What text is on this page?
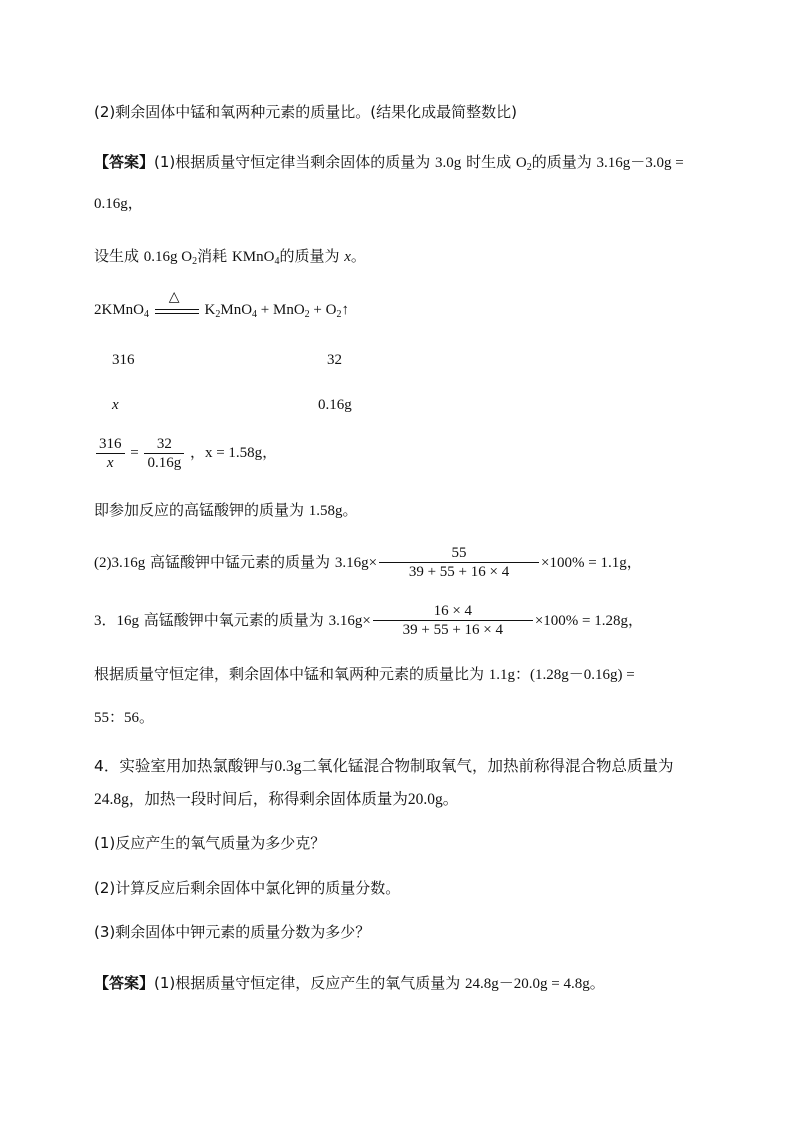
(2)剩余固体中锰和氧两种元素的质量比。(结果化成最简整数比)
【答案】(1)根据质量守恒定律当剩余固体的质量为 3.0g 时生成 $O_2$的质量为 3.16g－3.0g =
0.16g，
设生成 0.16g $O_2$消耗 KMnO$_4$的质量为 x。
2KMnO$_4$
△
$K_2MnO_4 + MnO_2$ + $O_2↑$
316	32
x	0.16g
$\frac{316}{x} = \frac{32}{0.16g}$ ，x = 1.58g，
即参加反应的高锰酸钾的质量为 1.58g。
(2)3.16g 高锰酸钾中锰元素的质量为 $3.16g\times \frac{55}{39 + 55 + 16 \times 4} \times 100\% = 1.1g$，
3．16g 高锰酸钾中氧元素的质量为 $3.16g\times \frac{16 \times 4}{39 + 55 + 16 \times 4} \times 100\% = 1.28g$，
根据质量守恒定律，剩余固体中锰和氧两种元素的质量比为 1.1g：(1.28g－0.16g) =
55：56。
4．实验室用加热氯酸钾与0.3g二氧化锰混合物制取氧气，加热前称得混合物总质量为
24.8g，加热一段时间后，称得剩余固体质量为20.0g。
(1)反应产生的氧气质量为多少克？
(2)计算反应后剩余固体中氯化钾的质量分数。
(3)剩余固体中钾元素的质量分数为多少？
【答案】(1)根据质量守恒定律，反应产生的氧气质量为 24.8g－20.0g = 4.8g。
